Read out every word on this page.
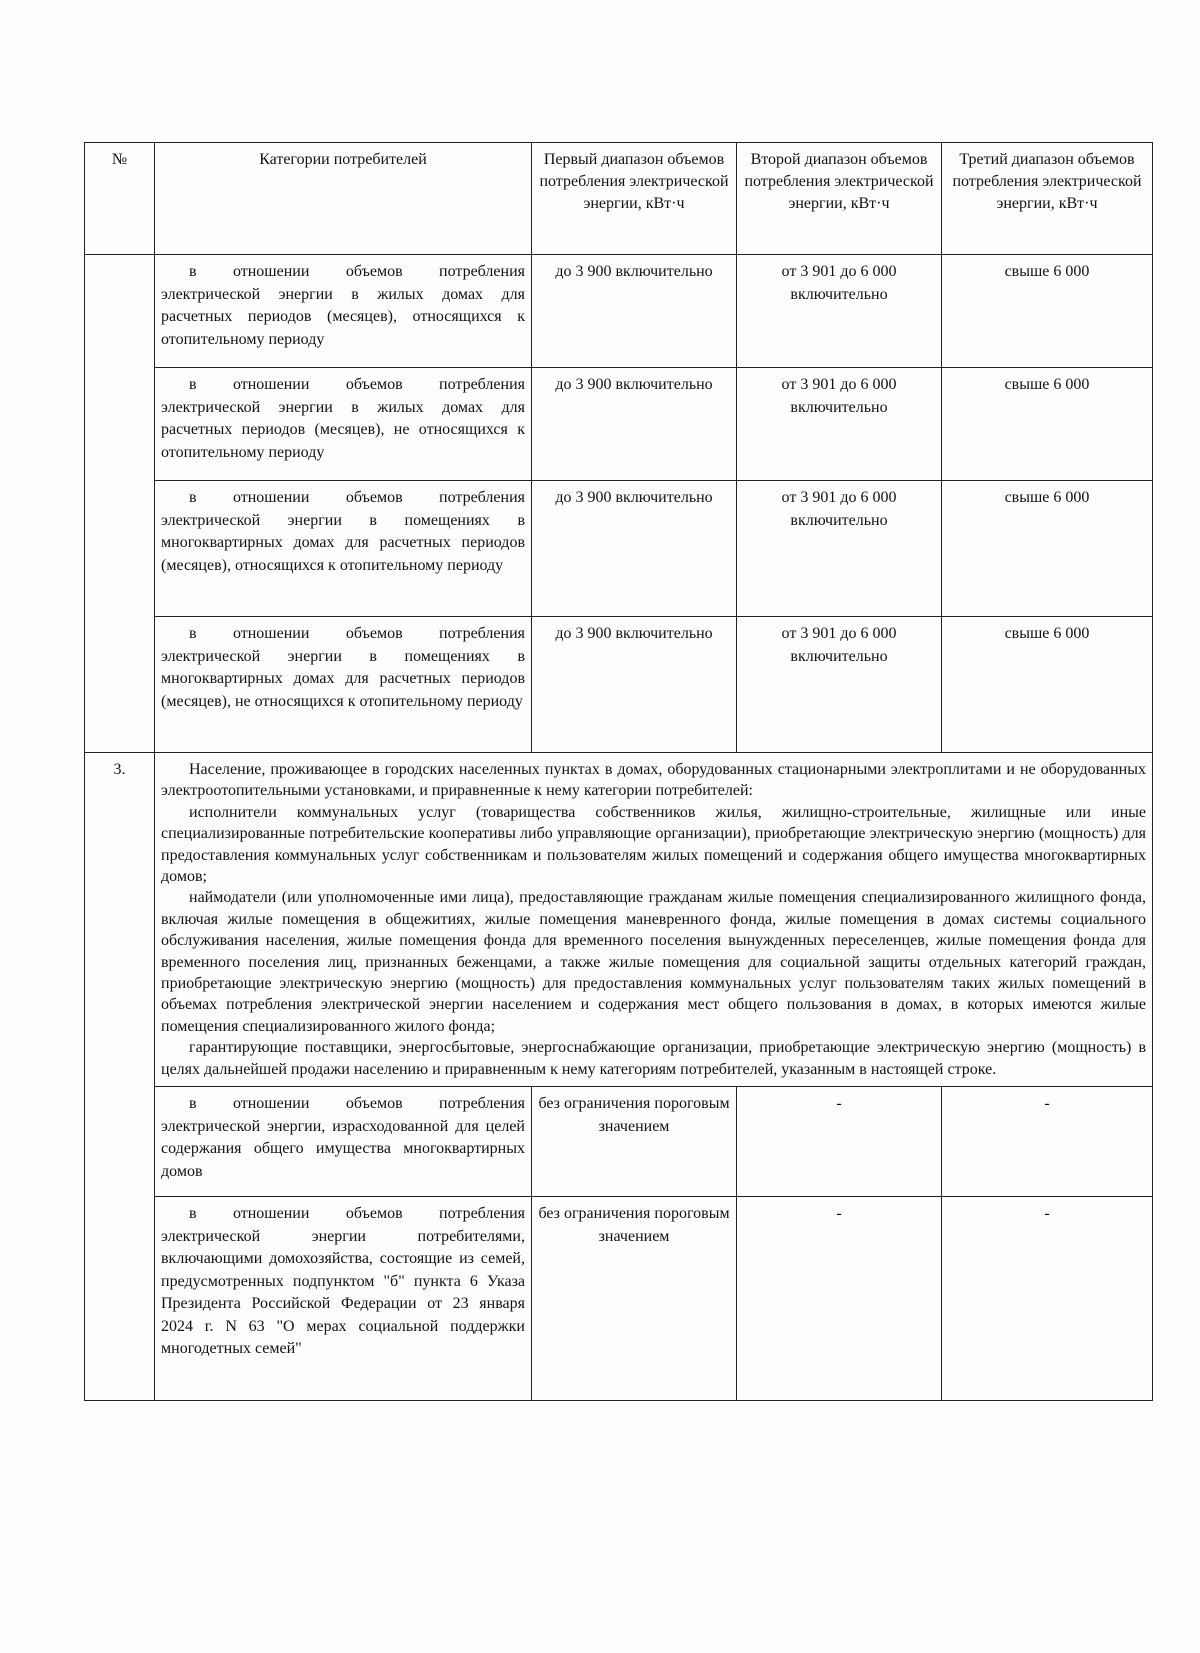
№	Категории потребителей	Первый диапазон объемов потребления электрической энергии, кВт·ч	Второй диапазон объемов потребления электрической энергии, кВт·ч	Третий диапазон объемов потребления электрической энергии, кВт·ч
	в отношении объемов потребления электрической энергии в жилых домах для расчетных периодов (месяцев), относящихся к отопительному периоду	до 3 900 включительно	от 3 901 до 6 000 включительно	свыше 6 000
	в отношении объемов потребления электрической энергии в жилых домах для расчетных периодов (месяцев), не относящихся к отопительному периоду	до 3 900 включительно	от 3 901 до 6 000 включительно	свыше 6 000
	в отношении объемов потребления электрической энергии в помещениях в многоквартирных домах для расчетных периодов (месяцев), относящихся к отопительному периоду	до 3 900 включительно	от 3 901 до 6 000 включительно	свыше 6 000
	в отношении объемов потребления электрической энергии в помещениях в многоквартирных домах для расчетных периодов (месяцев), не относящихся к отопительному периоду	до 3 900 включительно	от 3 901 до 6 000 включительно	свыше 6 000
3.	Население, проживающее в городских населенных пунктах в домах, оборудованных стационарными электроплитами и не оборудованных электроотопительными установками, и приравненные к нему категории потребителей:

исполнители коммунальных услуг (товарищества собственников жилья, жилищно-строительные, жилищные или иные специализированные потребительские кооперативы либо управляющие организации), приобретающие электрическую энергию (мощность) для предоставления коммунальных услуг собственникам и пользователям жилых помещений и содержания общего имущества многоквартирных домов;

наймодатели (или уполномоченные ими лица), предоставляющие гражданам жилые помещения специализированного жилищного фонда, включая жилые помещения в общежитиях, жилые помещения маневренного фонда, жилые помещения в домах системы социального обслуживания населения, жилые помещения фонда для временного поселения вынужденных переселенцев, жилые помещения фонда для временного поселения лиц, признанных беженцами, а также жилые помещения для социальной защиты отдельных категорий граждан, приобретающие электрическую энергию (мощность) для предоставления коммунальных услуг пользователям таких жилых помещений в объемах потребления электрической энергии населением и содержания мест общего пользования в домах, в которых имеются жилые помещения специализированного жилого фонда;

гарантирующие поставщики, энергосбытовые, энергоснабжающие организации, приобретающие электрическую энергию (мощность) в целях дальнейшей продажи населению и приравненным к нему категориям потребителей, указанным в настоящей строке.			

	в отношении объемов потребления электрической энергии, израсходованной для целей содержания общего имущества многоквартирных домов	без ограничения пороговым значением	-	-
	в отношении объемов потребления электрической энергии потребителями, включающими домохозяйства, состоящие из семей, предусмотренных подпунктом "б" пункта 6 Указа Президента Российской Федерации от 23 января 2024 г. N 63 "О мерах социальной поддержки многодетных семей"	без ограничения пороговым значением	-	-
